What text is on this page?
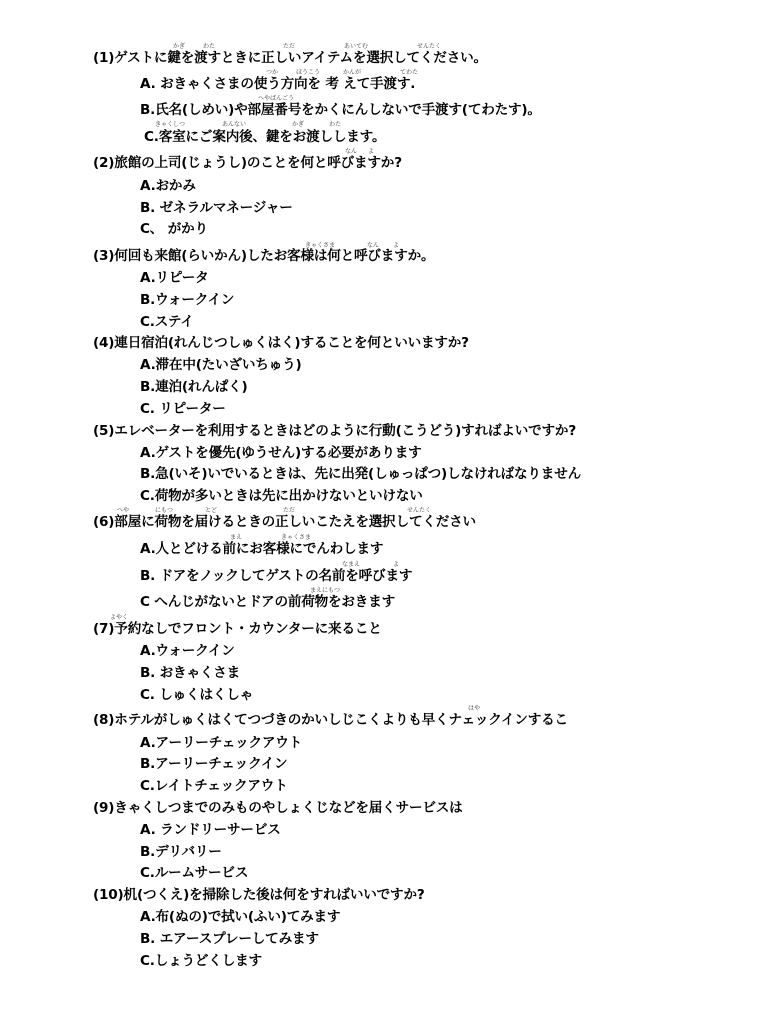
かぎ	わた	ただ	あいてむ	せんたく
つか	ほうこう	かんが	てわた
へやばんごう
きゃくしつ	あんない	かぎ	わた
なん よ
きゃくさま	なん よ
へや	にもつ	とど	ただ	せんたく
まえ	きゃくさま
なまえ	よ
まえにもつ
よやく
はや
(1)ゲストに鍵を渡すときに正しいアイテムを選択してください。
A. おきゃくさまの使う方向を 考 えて手渡す.
B.氏名(しめい)や部屋番号をかくにんしないで手渡す(てわたす)。
C.客室にご案内後、鍵をお渡しします。
(2)旅館の上司(じょうし)のことを何と呼びますか?
A.おかみ
B. ゼネラルマネージャー
C、 がかり
(3)何回も来館(らいかん)したお客様は何と呼びますか。
A.リピータ
B.ウォークイン
C.ステイ
(4)連日宿泊(れんじつしゅくはく)することを何といいますか?
A.滞在中(たいざいちゅう)
B.連泊(れんぱく)
C. リピーター
(5)エレベーターを利用するときはどのように行動(こうどう)すればよいですか?
A.ゲストを優先(ゆうせん)する必要があります
B.急(いそ)いでいるときは、先に出発(しゅっぱつ)しなければなりません
C.荷物が多いときは先に出かけないといけない
(6)部屋に荷物を届けるときの正しいこたえを選択してください
A.人とどける前にお客様にでんわします
B. ドアをノックしてゲストの名前を呼びます
C へんじがないとドアの前荷物をおきます
(7)予約なしでフロント・カウンターに来ること
A.ウォークイン
B. おきゃくさま
C. しゅくはくしゃ
(8)ホテルがしゅくはくてつづきのかいしじこくよりも早くナェックインするこ
A.アーリーチェックアウト
B.アーリーチェックイン
C.レイトチェックアウト
(9)きゃくしつまでのみものやしょくじなどを届くサービスは
A. ランドリーサービス
B.デリバリー
C.ルームサービス
(10)机(つくえ)を掃除した後は何をすればいいですか?
A.布(ぬの)で拭い(ふい)てみます
B. エアースプレーしてみます
C.しょうどくします
